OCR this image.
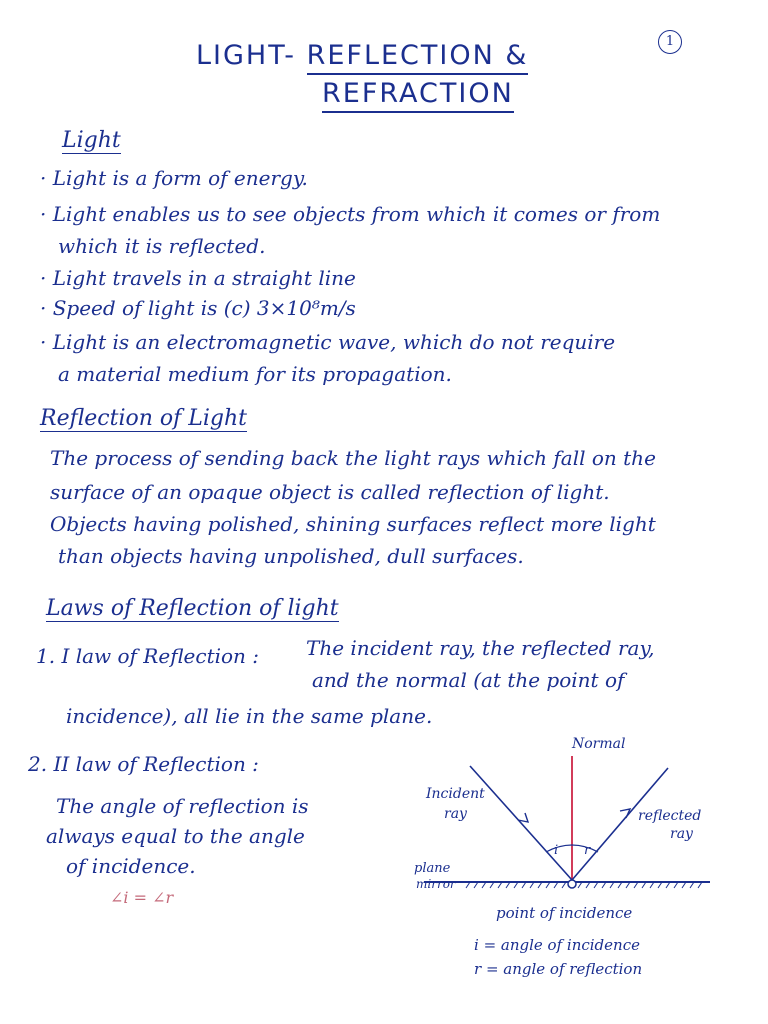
1
LIGHT- REFLECTION &
REFRACTION
Light
· Light is a form of energy.
· Light enables us to see objects from which it comes or from
which it is reflected.
· Light travels in a straight line
· Speed of light is (c) 3×10⁸m/s
· Light is an electromagnetic wave, which do not require
a material medium for its propagation.
Reflection of Light
The process of sending back the light rays which fall on the
surface of an opaque object is called reflection of light.
Objects having polished, shining surfaces reflect more light
than objects having unpolished, dull surfaces.
Laws of Reflection of light
1. I law of Reflection : The incident ray, the reflected ray,
and the normal (at the point of
incidence), all lie in the same plane.
2. II law of Reflection :
The angle of reflection is
always equal to the angle
of incidence.
∠i = ∠r
Normal
i r
Incident
ray	reflected
ray
plane
mirror
point of incidence
i = angle of incidence
r = angle of reflection
